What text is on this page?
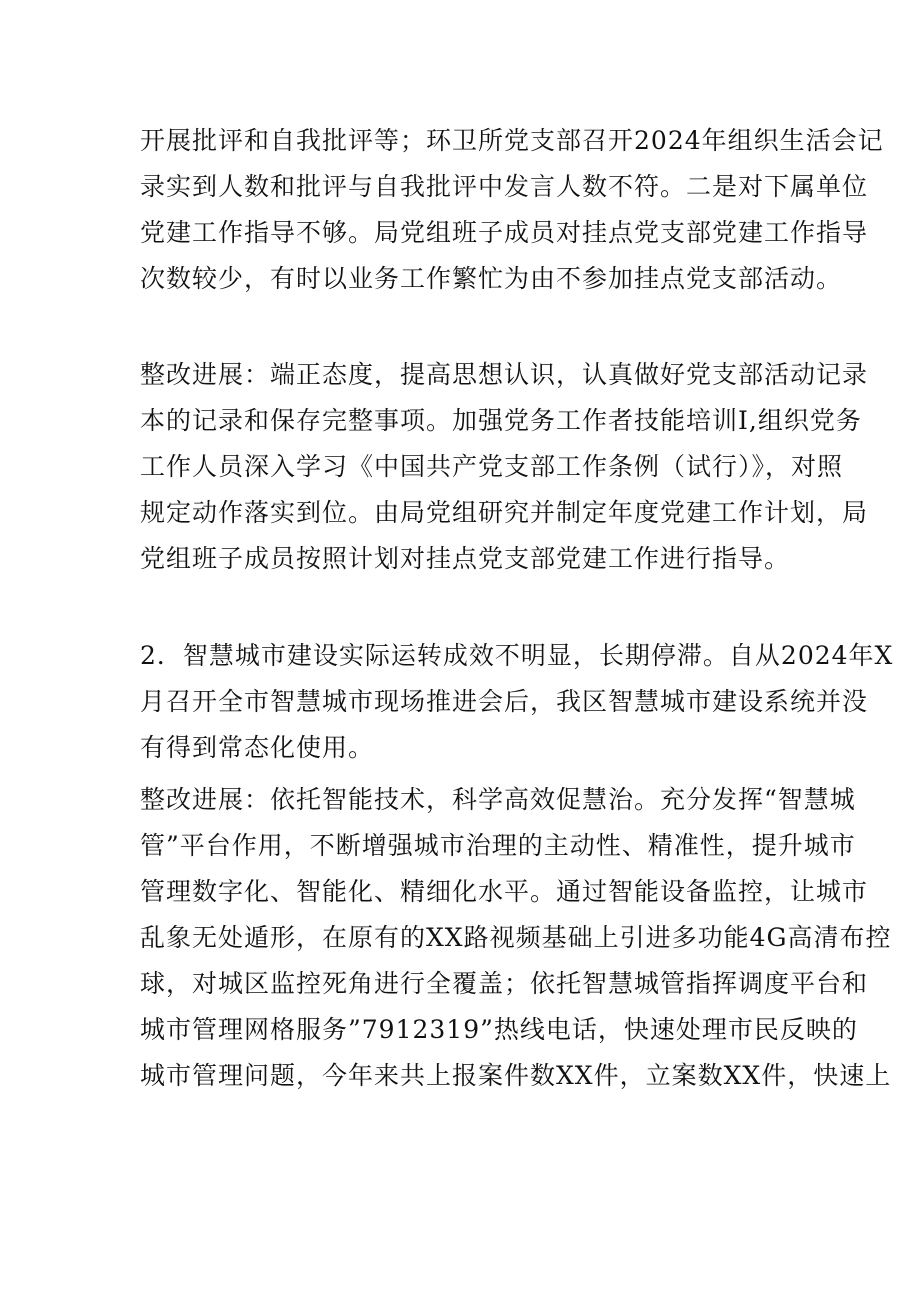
开展批评和自我批评等；环卫所党支部召开2024年组织生活会记
录实到人数和批评与自我批评中发言人数不符。二是对下属单位
党建工作指导不够。局党组班子成员对挂点党支部党建工作指导
次数较少，有时以业务工作繁忙为由不参加挂点党支部活动。
整改进展：端正态度，提高思想认识，认真做好党支部活动记录
本的记录和保存完整事项。加强党务工作者技能培训I,组织党务
工作人员深入学习《中国共产党支部工作条例（试行）》，对照
规定动作落实到位。由局党组研究并制定年度党建工作计划，局
党组班子成员按照计划对挂点党支部党建工作进行指导。
2．智慧城市建设实际运转成效不明显，长期停滞。自从2024年X
月召开全市智慧城市现场推进会后，我区智慧城市建设系统并没
有得到常态化使用。
整改进展：依托智能技术，科学高效促慧治。充分发挥“智慧城
管”平台作用，不断增强城市治理的主动性、精准性，提升城市
管理数字化、智能化、精细化水平。通过智能设备监控，让城市
乱象无处遁形，在原有的XX路视频基础上引进多功能4G高清布控
球，对城区监控死角进行全覆盖；依托智慧城管指挥调度平台和
城市管理网格服务”7912319”热线电话，快速处理市民反映的
城市管理问题，今年来共上报案件数XX件，立案数XX件，快速上
